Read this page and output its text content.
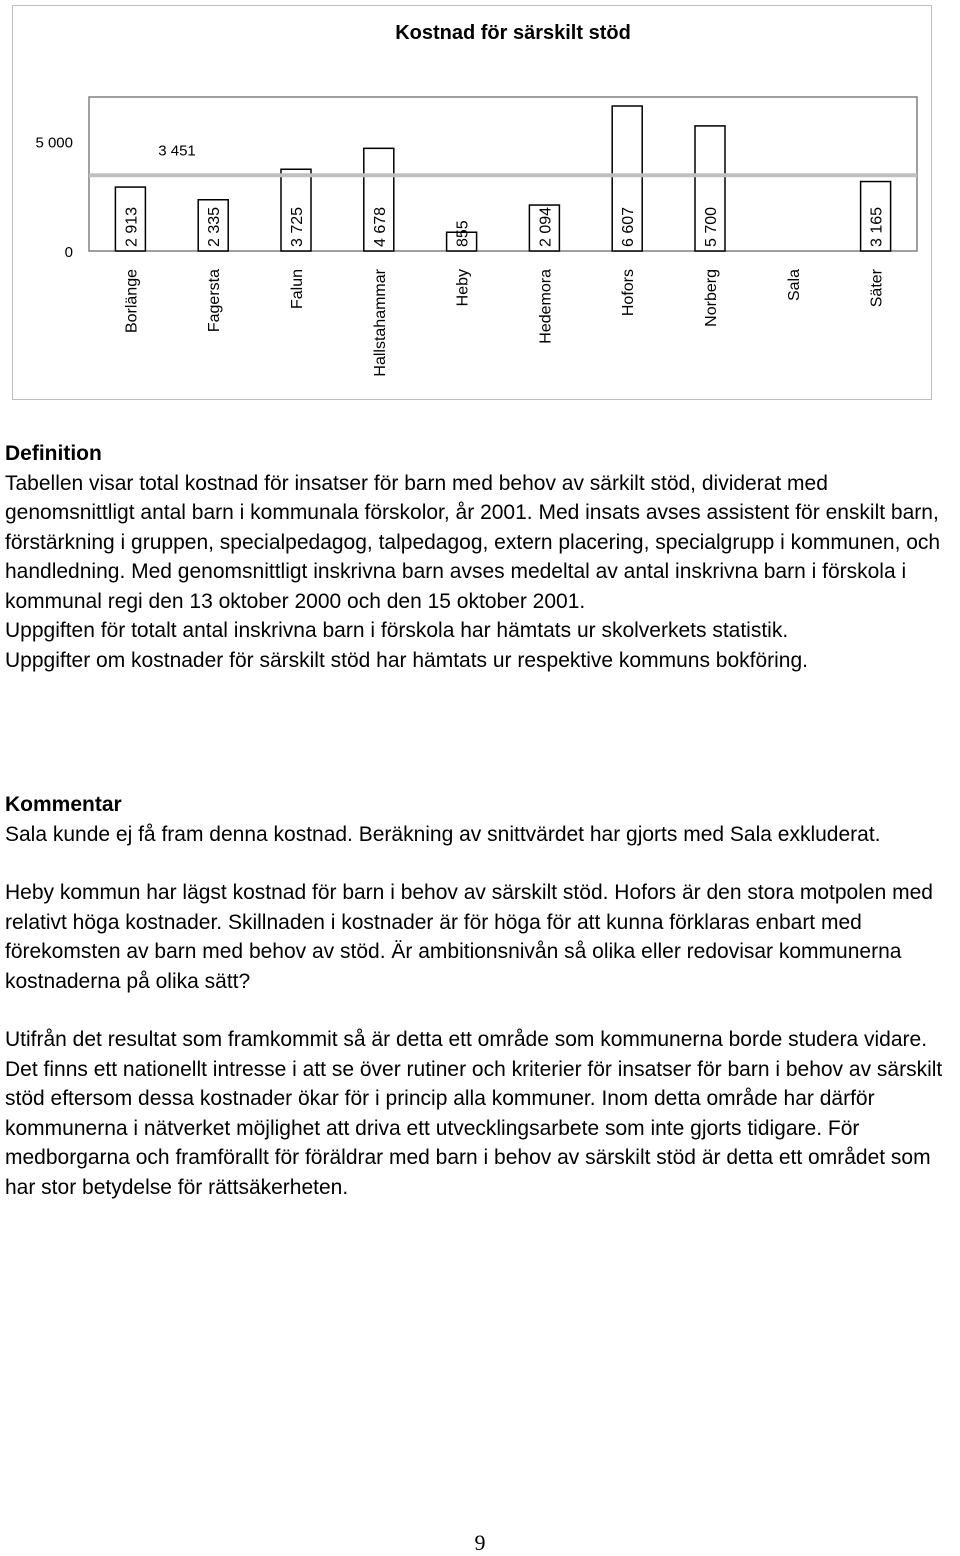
Kostnad för särskilt stöd
5 000
0
Borlänge
2 913
Fagersta
2 335
Falun
3 725
Hallstahammar
4 678
Heby
855
Hedemora
2 094
Hofors
6 607
Norberg
5 700
Sala	Säter
3 165
3 451
Definition
Tabellen visar total kostnad för insatser för barn med behov av särkilt stöd, dividerat med genomsnittligt antal barn i kommunala förskolor, år 2001. Med insats avses assistent för enskilt barn, förstärkning i gruppen, specialpedagog, talpedagog, extern placering, specialgrupp i kommunen, och handledning. Med genomsnittligt inskrivna barn avses medeltal av antal inskrivna barn i förskola i kommunal regi den 13 oktober 2000 och den 15 oktober 2001.
Uppgiften för totalt antal inskrivna barn i förskola har hämtats ur skolverkets statistik.
Uppgifter om kostnader för särskilt stöd har hämtats ur respektive kommuns bokföring.
Kommentar
Sala kunde ej få fram denna kostnad. Beräkning av snittvärdet har gjorts med Sala exkluderat.
Heby kommun har lägst kostnad för barn i behov av särskilt stöd. Hofors är den stora motpolen med relativt höga kostnader. Skillnaden i kostnader är för höga för att kunna förklaras enbart med förekomsten av barn med behov av stöd. Är ambitionsnivån så olika eller redovisar kommunerna kostnaderna på olika sätt?
Utifrån det resultat som framkommit så är detta ett område som kommunerna borde studera vidare. Det finns ett nationellt intresse i att se över rutiner och kriterier för insatser för barn i behov av särskilt stöd eftersom dessa kostnader ökar för i princip alla kommuner. Inom detta område har därför kommunerna i nätverket möjlighet att driva ett utvecklingsarbete som inte gjorts tidigare. För medborgarna och framförallt för föräldrar med barn i behov av särskilt stöd är detta ett området som har stor betydelse för rättsäkerheten.
9
